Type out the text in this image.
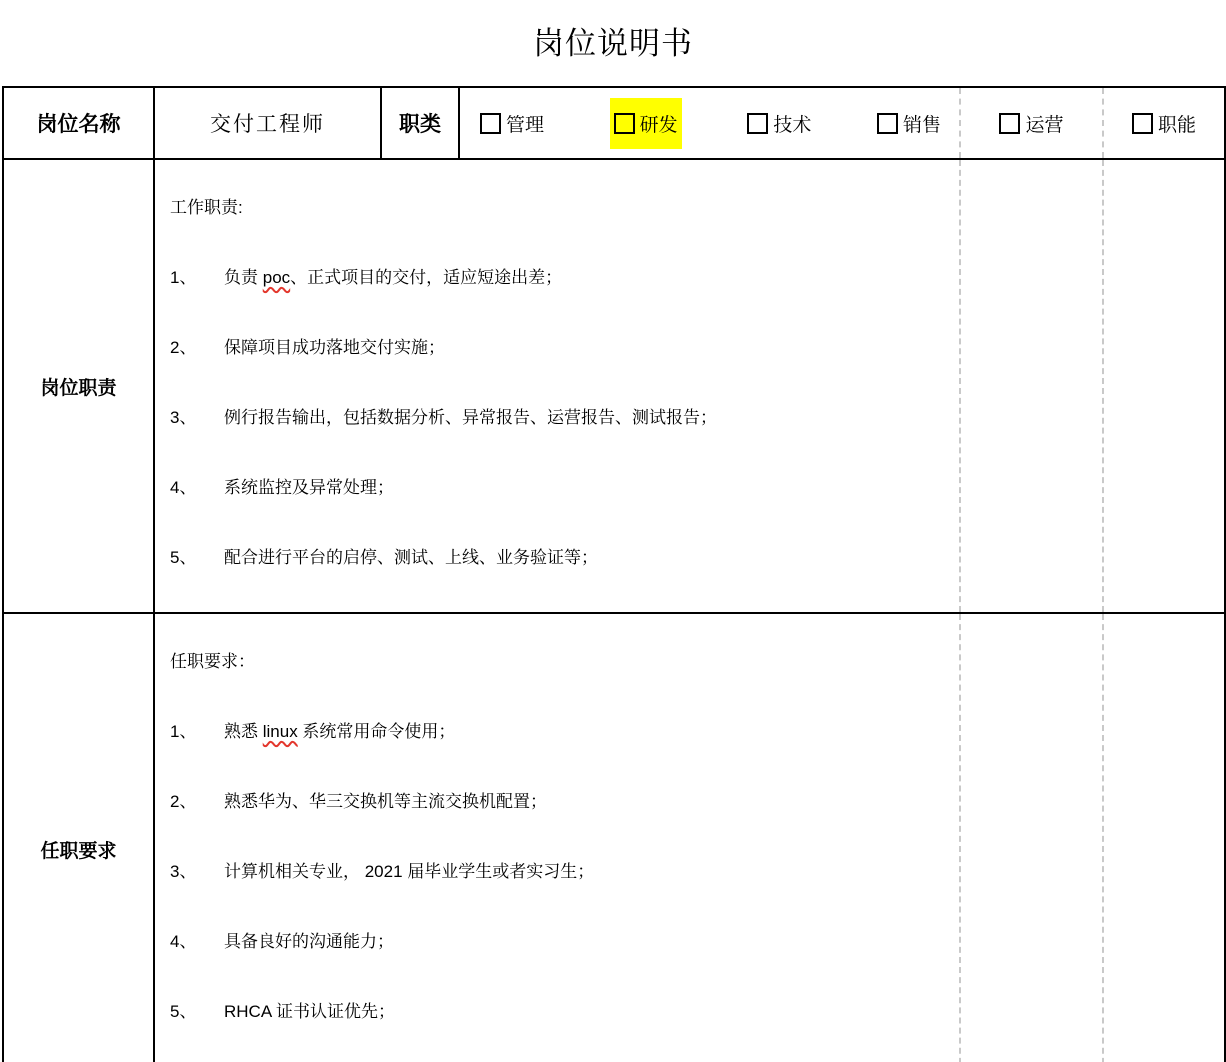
岗位说明书
岗位名称	交付工程师	职类	管理	研发	技术	销售	运营	职能
岗位职责
工作职责:
1、	负责 poc、正式项目的交付，适应短途出差；
2、	保障项目成功落地交付实施；
3、	例行报告输出，包括数据分析、异常报告、运营报告、测试报告；
4、	系统监控及异常处理；
5、	配合进行平台的启停、测试、上线、业务验证等；
任职要求
任职要求：
1、	熟悉 linux 系统常用命令使用；
2、	熟悉华为、华三交换机等主流交换机配置；
3、	计算机相关专业， 2021 届毕业学生或者实习生；
4、	具备良好的沟通能力；
5、	RHCA 证书认证优先；
